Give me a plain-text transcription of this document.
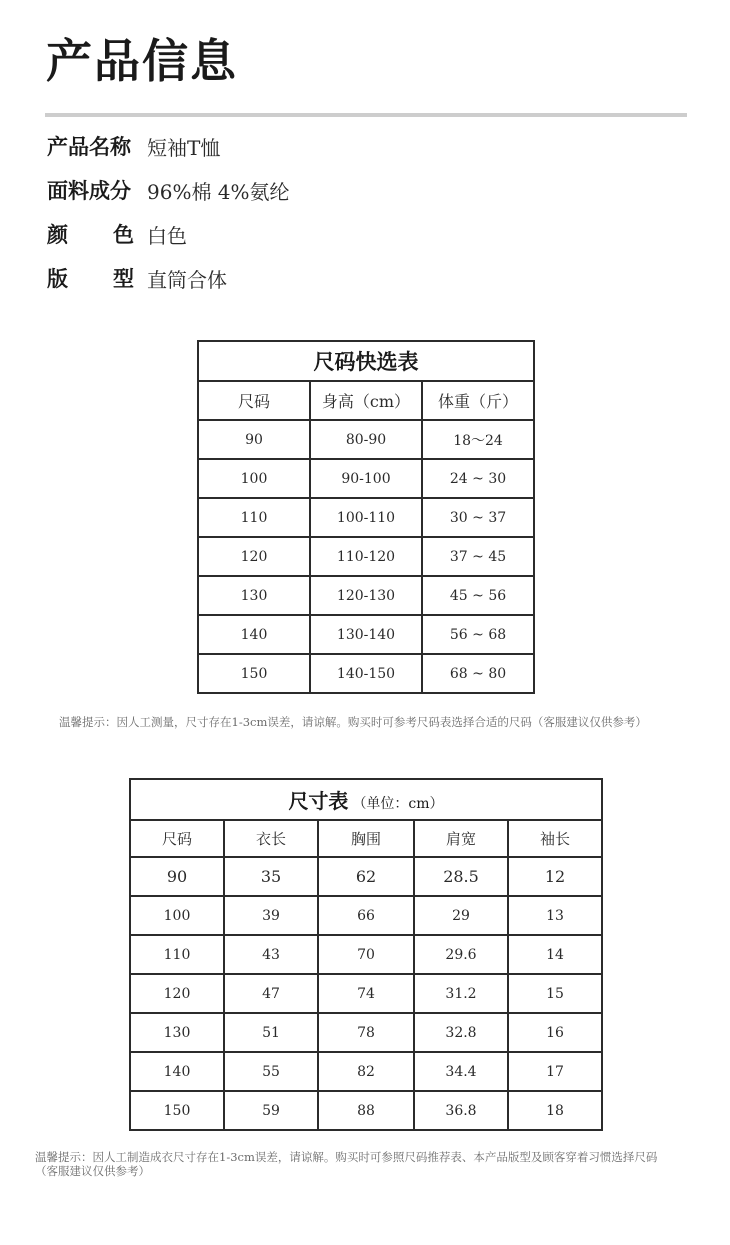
产品信息
产品名称 短袖T恤
面料成分 96%棉 4%氨纶
颜 色 白色
版 型 直筒合体
尺码快选表		
尺码	身高（cm）	体重（斤）
90	80-90	18～24
100	90-100	24 ~ 30
110	100-110	30 ~ 37
120	110-120	37 ~ 45
130	120-130	45 ~ 56
140	130-140	56 ~ 68
150	140-150	68 ~ 80
温馨提示：因人工测量，尺寸存在1-3cm误差，请谅解。购买时可参考尺码表选择合适的尺码（客服建议仅供参考）
尺寸表 （单位：cm）				
尺码	衣长	胸围	肩宽	袖长
90	35	62	28.5	12
100	39	66	29	13
110	43	70	29.6	14
120	47	74	31.2	15
130	51	78	32.8	16
140	55	82	34.4	17
150	59	88	36.8	18
温馨提示：因人工制造成衣尺寸存在1-3cm误差，请谅解。购买时可参照尺码推荐表、本产品版型及顾客穿着习惯选择尺码
（客服建议仅供参考）
